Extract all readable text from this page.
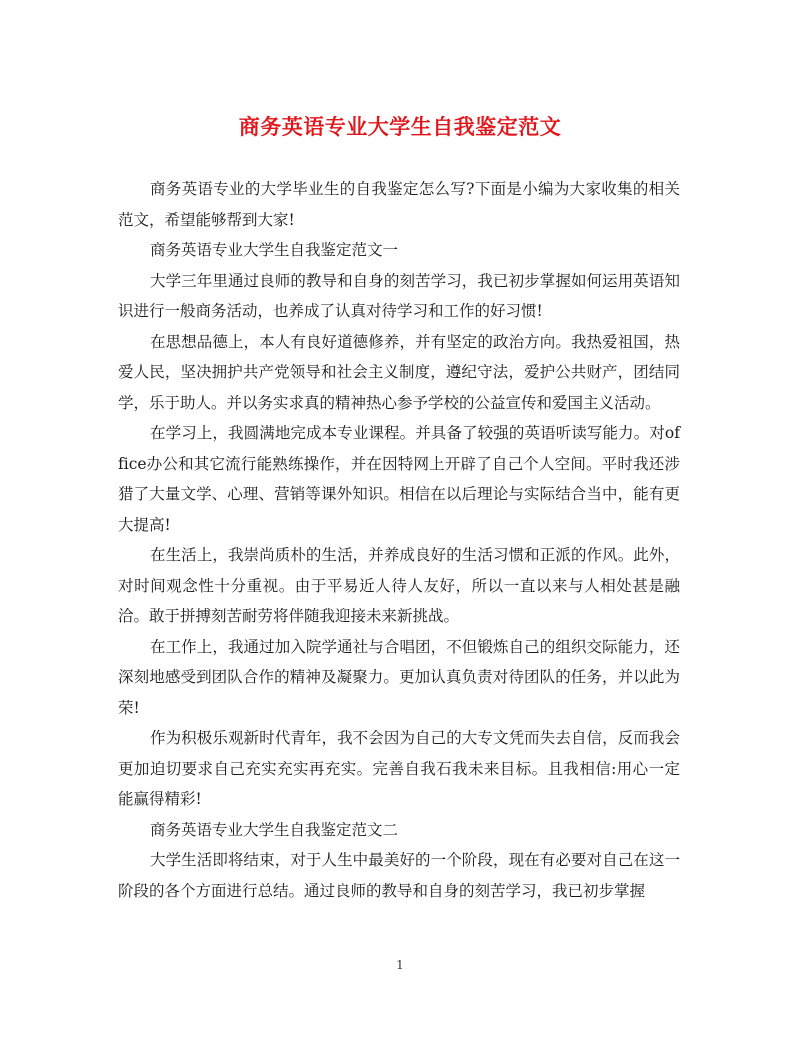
商务英语专业大学生自我鉴定范文

商务英语专业的大学毕业生的自我鉴定怎么写?下面是小编为大家收集的相关范文，希望能够帮到大家!

商务英语专业大学生自我鉴定范文一

大学三年里通过良师的教导和自身的刻苦学习，我已初步掌握如何运用英语知识进行一般商务活动，也养成了认真对待学习和工作的好习惯!

在思想品德上，本人有良好道德修养，并有坚定的政治方向。我热爱祖国，热爱人民，坚决拥护共产党领导和社会主义制度，遵纪守法，爱护公共财产，团结同学，乐于助人。并以务实求真的精神热心参予学校的公益宣传和爱国主义活动。

在学习上，我圆满地完成本专业课程。并具备了较强的英语听读写能力。对office办公和其它流行能熟练操作，并在因特网上开辟了自己个人空间。平时我还涉猎了大量文学、心理、营销等课外知识。相信在以后理论与实际结合当中，能有更大提高!

在生活上，我崇尚质朴的生活，并养成良好的生活习惯和正派的作风。此外，对时间观念性十分重视。由于平易近人待人友好，所以一直以来与人相处甚是融洽。敢于拼搏刻苦耐劳将伴随我迎接未来新挑战。

在工作上，我通过加入院学通社与合唱团，不但锻炼自己的组织交际能力，还深刻地感受到团队合作的精神及凝聚力。更加认真负责对待团队的任务，并以此为荣!

作为积极乐观新时代青年，我不会因为自己的大专文凭而失去自信，反而我会更加迫切要求自己充实充实再充实。完善自我石我未来目标。且我相信:用心一定能赢得精彩!

商务英语专业大学生自我鉴定范文二

大学生活即将结束，对于人生中最美好的一个阶段，现在有必要对自己在这一阶段的各个方面进行总结。通过良师的教导和自身的刻苦学习，我已初步掌握

1
